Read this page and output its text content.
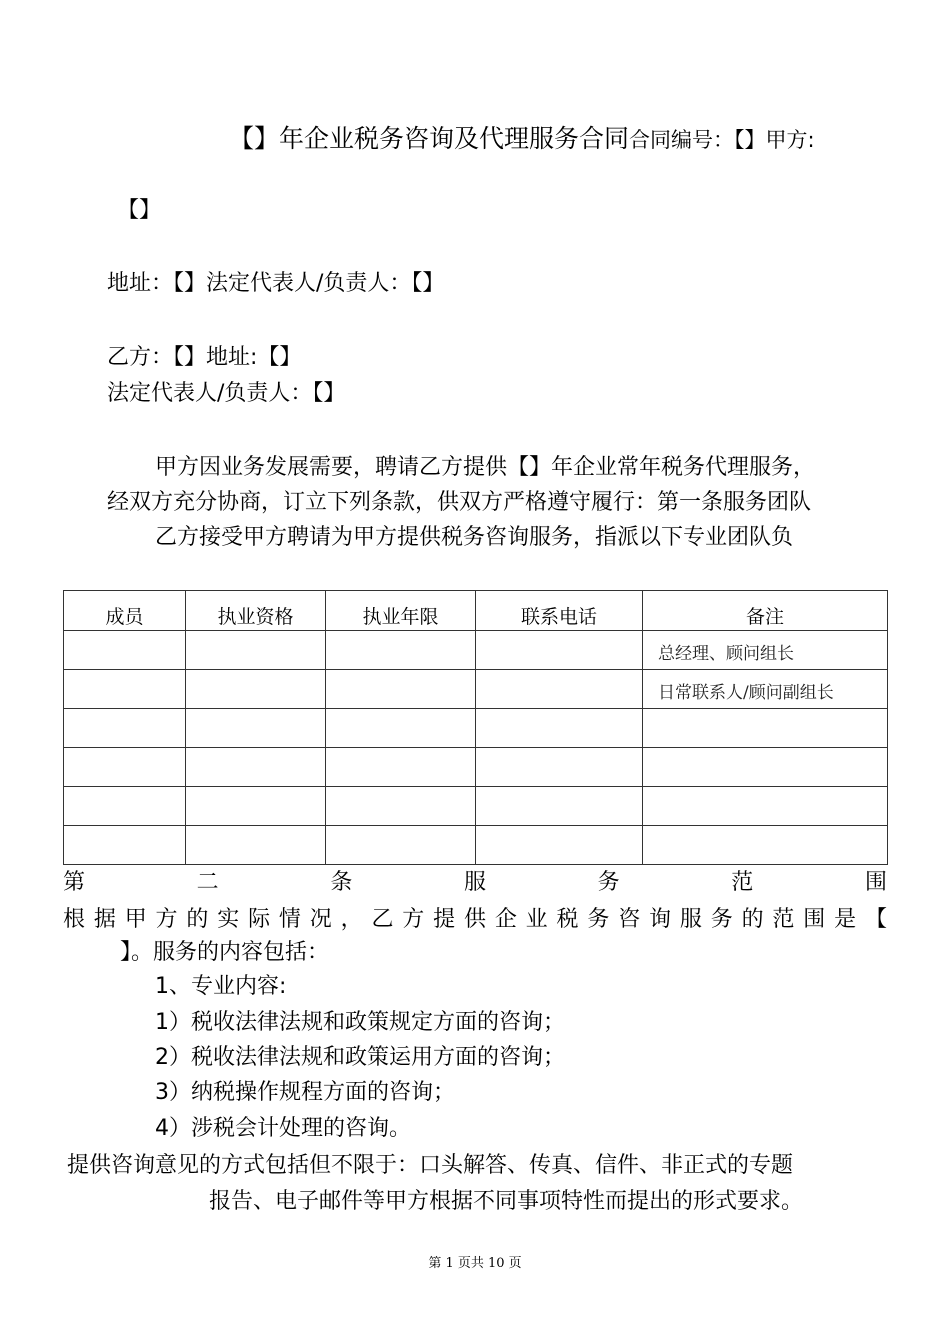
【】年企业税务咨询及代理服务合同合同编号：【】甲方:
【】
地址：【】法定代表人/负责人：【】
乙方：【】地址:【】
法定代表人/负责人：【】
甲方因业务发展需要，聘请乙方提供【】年企业常年税务代理服务，
经双方充分协商，订立下列条款，供双方严格遵守履行：第一条服务团队
乙方接受甲方聘请为甲方提供税务咨询服务，指派以下专业团队负
成员	执业资格	执业年限	联系电话	备注

				总经理、顾问组长

				日常联系人/顾问副组长

第	二	条	服	务	范	围
根 据 甲 方 的 实 际 情 况 ， 乙 方 提 供 企 业 税 务 咨 询 服 务 的 范 围 是 【
】。服务的内容包括：
1、专业内容:
1）税收法律法规和政策规定方面的咨询；
2）税收法律法规和政策运用方面的咨询；
3）纳税操作规程方面的咨询；
4）涉税会计处理的咨询。
提供咨询意见的方式包括但不限于：口头解答、传真、信件、非正式的专题
报告、电子邮件等甲方根据不同事项特性而提出的形式要求。
第 1 页共 10 页
